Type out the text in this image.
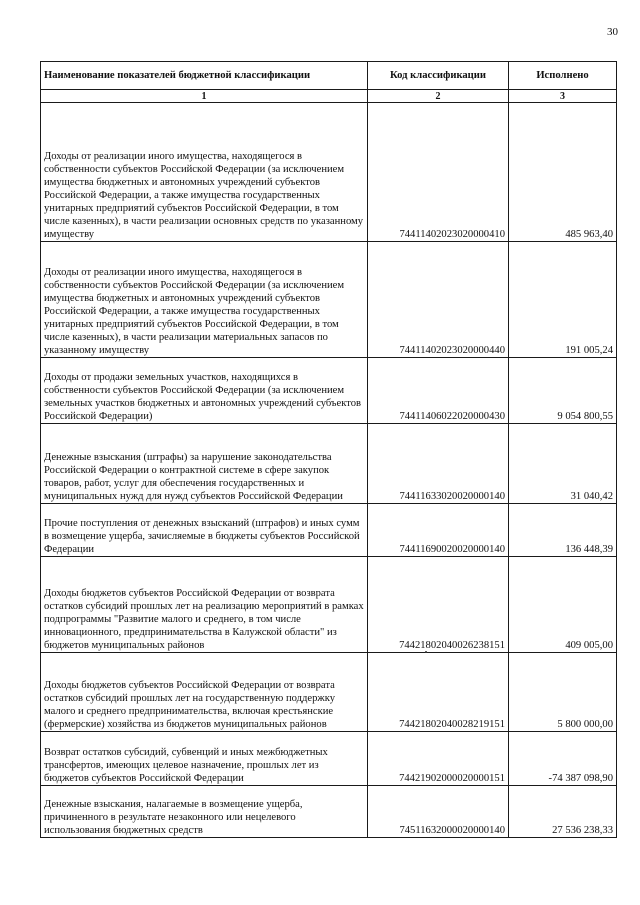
30
Наименование показателей бюджетной классификации	Код классификации	Исполнено
1	2	3
Доходы от реализации иного имущества, находящегося в собственности субъектов Российской Федерации (за исключением имущества бюджетных и автономных учреждений субъектов Российской Федерации, а также имущества государственных унитарных предприятий субъектов Российской Федерации, в том числе казенных), в части реализации основных средств по указанному имуществу	74411402023020000410	485 963,40
Доходы от реализации иного имущества, находящегося в собственности субъектов Российской Федерации (за исключением имущества бюджетных и автономных учреждений субъектов Российской Федерации, а также имущества государственных унитарных предприятий субъектов Российской Федерации, в том числе казенных), в части реализации материальных запасов по указанному имуществу	74411402023020000440	191 005,24
Доходы от продажи земельных участков, находящихся в собственности субъектов Российской Федерации (за исключением земельных участков бюджетных и автономных учреждений субъектов Российской Федерации)	74411406022020000430	9 054 800,55
Денежные взыскания (штрафы) за нарушение законодательства Российской Федерации о контрактной системе в сфере закупок товаров, работ, услуг для обеспечения государственных и муниципальных нужд для нужд субъектов Российской Федерации	74411633020020000140	31 040,42
Прочие поступления от денежных взысканий (штрафов) и иных сумм в возмещение ущерба, зачисляемые в бюджеты субъектов Российской Федерации	74411690020020000140	136 448,39
Доходы бюджетов субъектов Российской Федерации от возврата остатков субсидий прошлых лет на реализацию мероприятий в рамках подпрограммы "Развитие малого и среднего, в том числе инновационного, предпринимательства в Калужской области" из бюджетов муниципальных районов	74421802040026238151	409 005,00
Доходы бюджетов субъектов Российской Федерации от возврата остатков субсидий прошлых лет на государственную поддержку малого и среднего предпринимательства, включая крестьянские (фермерские) хозяйства из бюджетов муниципальных районов	74421802040028219151	5 800 000,00
Возврат остатков субсидий, субвенций и иных межбюджетных трансфертов, имеющих целевое назначение, прошлых лет из бюджетов субъектов Российской Федерации	74421902000020000151	-74 387 098,90
Денежные взыскания, налагаемые в возмещение ущерба, причиненного в результате незаконного или нецелевого использования бюджетных средств	74511632000020000140	27 536 238,33
